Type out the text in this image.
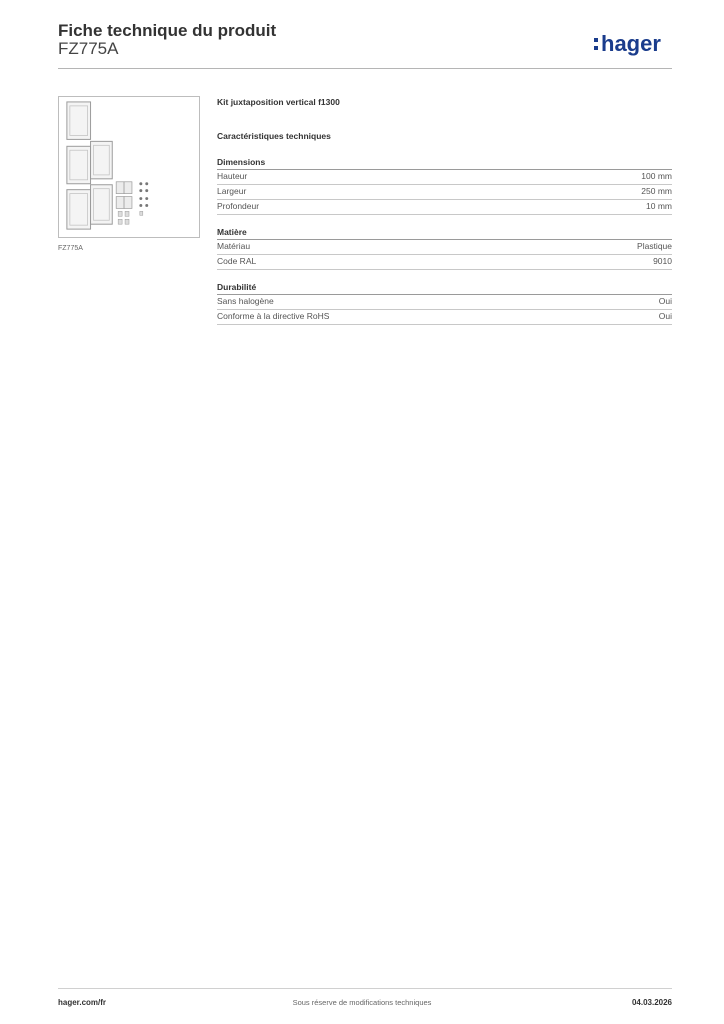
Fiche technique du produit
FZ775A	hager
FZ775A
Kit juxtaposition vertical f1300
Caractéristiques techniques
Dimensions
Hauteur	100 mm
Largeur	250 mm
Profondeur	10 mm
Matière
Matériau	Plastique
Code RAL	9010
Durabilité
Sans halogène	Oui
Conforme à la directive RoHS	Oui
hager.com/fr	Sous réserve de modifications techniques	04.03.2026
